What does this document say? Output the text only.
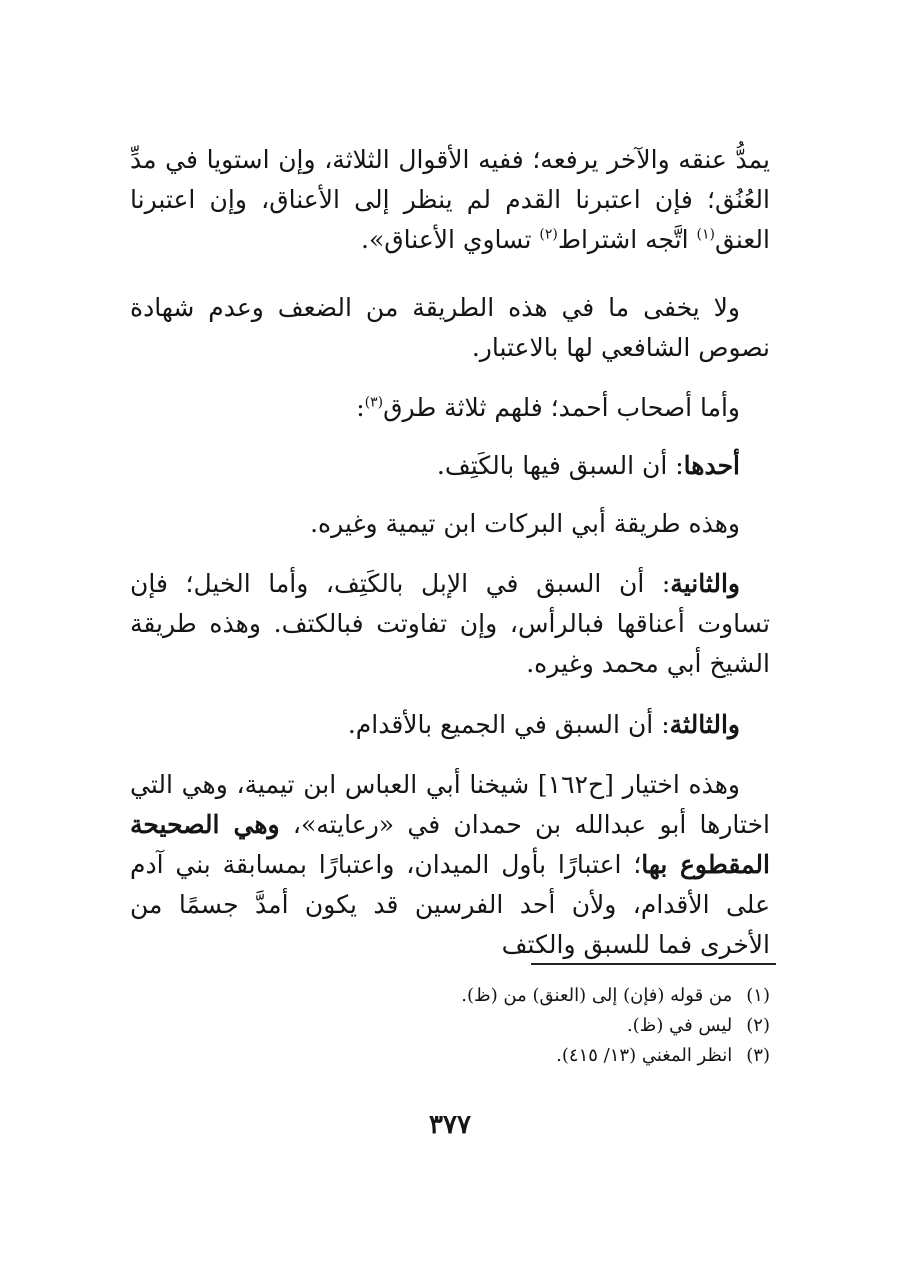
يمدُّ عنقه والآخر يرفعه؛ ففيه الأقوال الثلاثة، وإن استويا في مدِّ العُنُق؛ فإن اعتبرنا القدم لم ينظر إلى الأعناق، وإن اعتبرنا العنق$^{(١)}$ اتَّجه اشتراط$^{(٢)}$ تساوي الأعناق».

ولا يخفى ما في هذه الطريقة من الضعف وعدم شهادة نصوص الشافعي لها بالاعتبار.

وأما أصحاب أحمد؛ فلهم ثلاثة طرق$^{(٣)}$:

أحدها: أن السبق فيها بالكَتِف.

وهذه طريقة أبي البركات ابن تيمية وغيره.

والثانية: أن السبق في الإبل بالكَتِف، وأما الخيل؛ فإن تساوت أعناقها فبالرأس، وإن تفاوتت فبالكتف. وهذه طريقة الشيخ أبي محمد وغيره.

والثالثة: أن السبق في الجميع بالأقدام.

وهذه اختيار [ح١٦٢] شيخنا أبي العباس ابن تيمية، وهي التي اختارها أبو عبدالله بن حمدان في «رعايته»، وهي الصحيحة المقطوع بها؛ اعتبارًا بأول الميدان، واعتبارًا بمسابقة بني آدم على الأقدام، ولأن أحد الفرسين قد يكون أمدَّ جسمًا من الأخرى فما للسبق والكتف

(١)من قوله (فإن) إلى (العنق) من (ظ).

(٢)ليس في (ظ).

(٣)انظر المغني (١٣/ ٤١٥).

٣٧٧
